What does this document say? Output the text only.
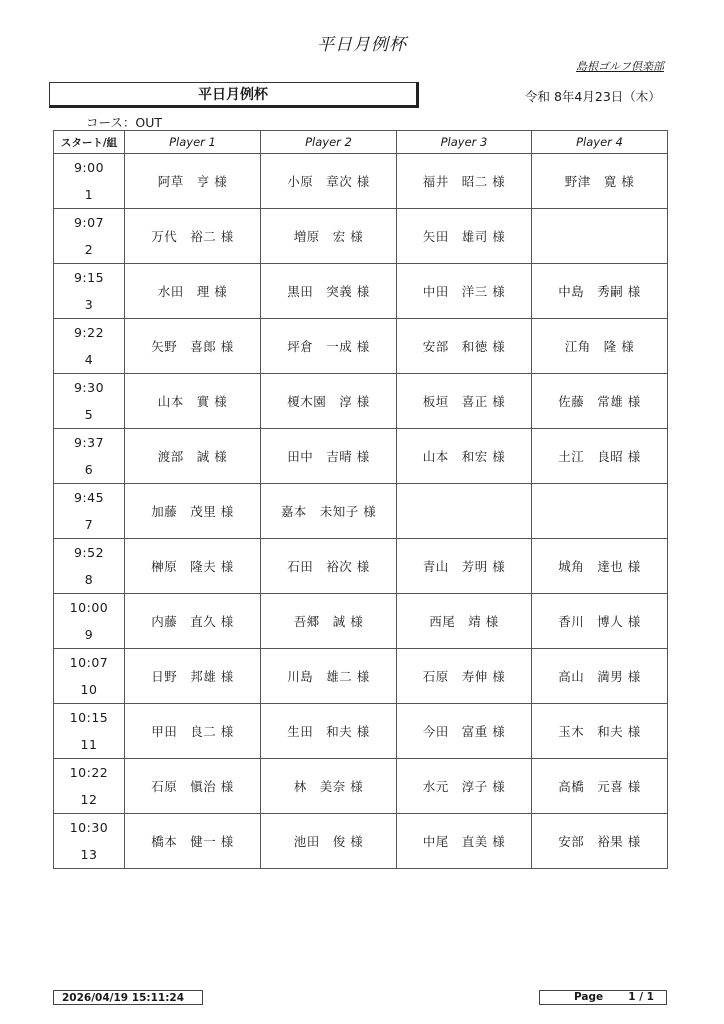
平日月例杯
島根ゴルフ倶楽部
平日月例杯	令和 8年4月23日（木）
コース：OUT
スタート/組	Player 1	Player 2	Player 3	Player 4

9:00
1	阿草　亨 様	小原　章次 様	福井　昭二 様	野津　寛 様

9:07
2	万代　裕二 様	増原　宏 様	矢田　雄司 様	

9:15
3	水田　理 様	黒田　突義 様	中田　洋三 様	中島　秀嗣 様

9:22
4	矢野　喜郎 様	坪倉　一成 様	安部　和徳 様	江角　隆 様

9:30
5	山本　實 様	榎木園　淳 様	板垣　喜正 様	佐藤　常雄 様

9:37
6	渡部　誠 様	田中　吉晴 様	山本　和宏 様	土江　良昭 様

9:45
7	加藤　茂里 様	嘉本　未知子 様		

9:52
8	榊原　隆夫 様	石田　裕次 様	青山　芳明 様	城角　達也 様

10:00
9	内藤　直久 様	吾郷　誠 様	西尾　靖 様	香川　博人 様

10:07
10	日野　邦雄 様	川島　雄二 様	石原　寿伸 様	高山　満男 様

10:15
11	甲田　良二 様	生田　和夫 様	今田　富重 様	玉木　和夫 様

10:22
12	石原　愼治 様	林　美奈 様	水元　淳子 様	高橋　元喜 様

10:30
13	橋本　健一 様	池田　俊 様	中尾　直美 様	安部　裕果 様
2026/04/19 15:11:24	Page 1 / 1
